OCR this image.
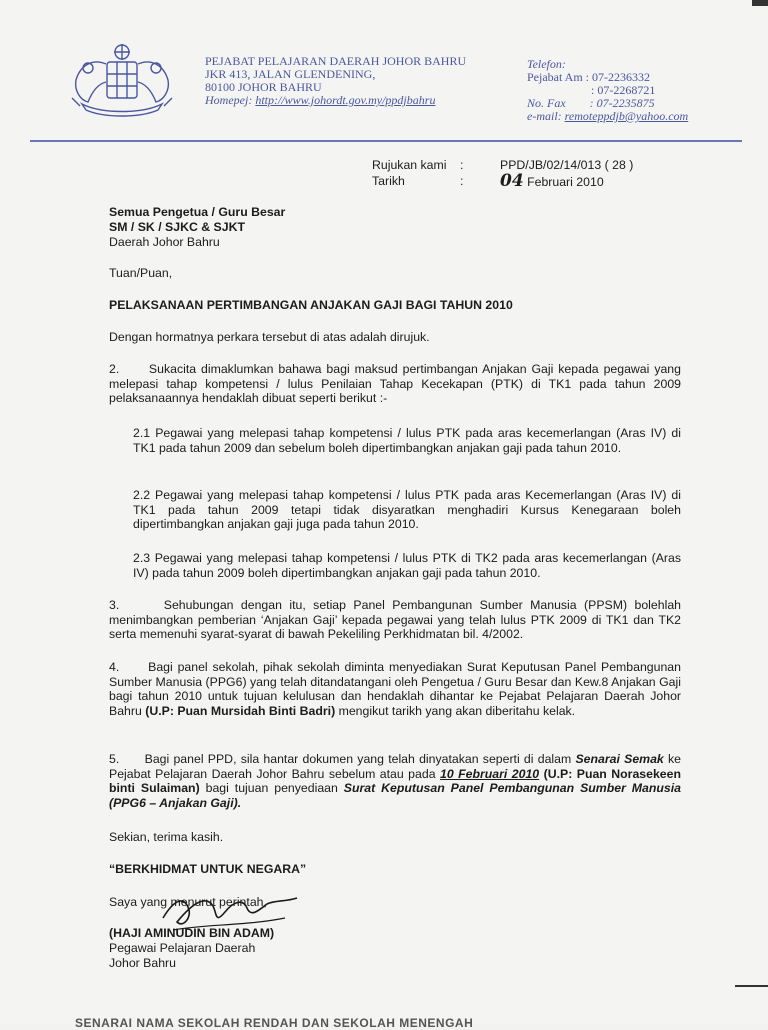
PEJABAT PELAJARAN DAERAH JOHOR BAHRU
JKR 413, JALAN GLENDENING,
80100 JOHOR BAHRU
Homepej: http://www.johordt.gov.my/ppdjbahru
Telefon:
Pejabat Am : 07-2236332
: 07-2268721
No. Fax        : 07-2235875
e-mail: remoteppdjb@yahoo.com
Rujukan kami	:	PPD/JB/02/14/013 ( 28 )
Tarikh	:	04 Februari 2010
Semua Pengetua / Guru Besar
SM / SK / SJKC & SJKT
Daerah Johor Bahru
Tuan/Puan,
PELAKSANAAN PERTIMBANGAN ANJAKAN GAJI BAGI TAHUN 2010
Dengan hormatnya perkara tersebut di atas adalah dirujuk.
2.      Sukacita dimaklumkan bahawa bagi maksud pertimbangan Anjakan Gaji kepada pegawai yang melepasi tahap kompetensi / lulus Penilaian Tahap Kecekapan (PTK) di TK1 pada tahun 2009 pelaksanaannya hendaklah dibuat seperti berikut :-
2.1 Pegawai yang melepasi tahap kompetensi / lulus PTK pada aras kecemerlangan (Aras IV) di TK1 pada tahun 2009 dan sebelum boleh dipertimbangkan anjakan gaji pada tahun 2010.
2.2 Pegawai yang melepasi tahap kompetensi / lulus PTK pada aras Kecemerlangan (Aras IV) di TK1 pada tahun 2009 tetapi tidak disyaratkan menghadiri Kursus Kenegaraan boleh dipertimbangkan anjakan gaji juga pada tahun 2010.
2.3 Pegawai yang melepasi tahap kompetensi / lulus PTK di TK2 pada aras kecemerlangan (Aras IV) pada tahun 2009 boleh dipertimbangkan anjakan gaji pada tahun 2010.
3.      Sehubungan dengan itu, setiap Panel Pembangunan Sumber Manusia (PPSM) bolehlah menimbangkan pemberian ‘Anjakan Gaji’ kepada pegawai yang telah lulus PTK 2009 di TK1 dan TK2 serta memenuhi syarat-syarat di bawah Pekeliling Perkhidmatan bil. 4/2002.
4.      Bagi panel sekolah, pihak sekolah diminta menyediakan Surat Keputusan Panel Pembangunan Sumber Manusia (PPG6) yang telah ditandatangani oleh Pengetua / Guru Besar dan Kew.8 Anjakan Gaji bagi tahun 2010 untuk tujuan kelulusan dan hendaklah dihantar ke Pejabat Pelajaran Daerah Johor Bahru (U.P: Puan Mursidah Binti Badri) mengikut tarikh yang akan diberitahu kelak.
5.      Bagi panel PPD, sila hantar dokumen yang telah dinyatakan seperti di dalam Senarai Semak ke Pejabat Pelajaran Daerah Johor Bahru sebelum atau pada 10 Februari 2010 (U.P: Puan Norasekeen binti Sulaiman) bagi tujuan penyediaan Surat Keputusan Panel Pembangunan Sumber Manusia (PPG6 – Anjakan Gaji).
Sekian, terima kasih.
“BERKHIDMAT UNTUK NEGARA”
Saya yang menurut perintah,
(HAJI AMINUDIN BIN ADAM)
Pegawai Pelajaran Daerah
Johor Bahru
SENARAI NAMA SEKOLAH RENDAH DAN SEKOLAH MENENGAH
